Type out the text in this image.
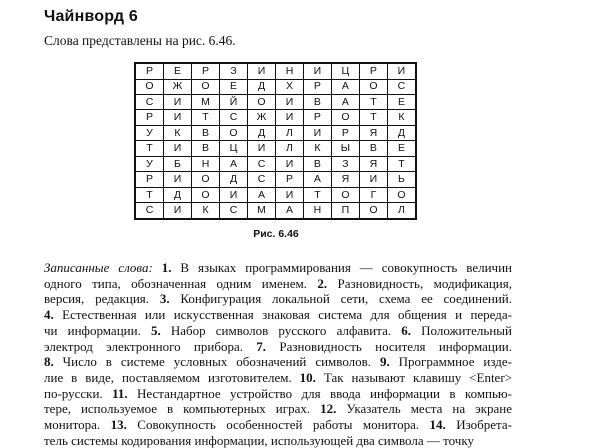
Чайнворд 6
Слова представлены на рис. 6.46.
Р	Е	Р	З	И	Н	И	Ц	Р	И
О	Ж	О	Е	Д	Х	Р	А	О	С
С	И	М	Й	О	И	В	А	Т	Е
Р	И	Т	С	Ж	И	Р	О	Т	К
У	К	В	О	Д	Л	И	Р	Я	Д
Т	И	В	Ц	И	Л	К	Ы	В	Е
У	Б	Н	А	С	И	В	З	Я	Т
Р	И	О	Д	С	Р	А	Я	И	Ь
Т	Д	О	И	А	И	Т	О	Г	О
С	И	К	С	М	А	Н	П	О	Л
Рис. 6.46
Записанные слова: 1. В языках программирования — совокупность величин
одного типа, обозначенная одним именем. 2. Разновидность, модификация,
версия, редакция. 3. Конфигурация локальной сети, схема ее соединений.
4. Естественная или искусственная знаковая система для общения и переда-
чи информации. 5. Набор символов русского алфавита. 6. Положительный
электрод электронного прибора. 7. Разновидность носителя информации.
8. Число в системе условных обозначений символов. 9. Программное изде-
лие в виде, поставляемом изготовителем. 10. Так называют клавишу <Enter>
по-русски. 11. Нестандартное устройство для ввода информации в компью-
тере, используемое в компьютерных играх. 12. Указатель места на экране
монитора. 13. Совокупность особенностей работы монитора. 14. Изобрета-
тель системы кодирования информации, использующей два символа — точку
